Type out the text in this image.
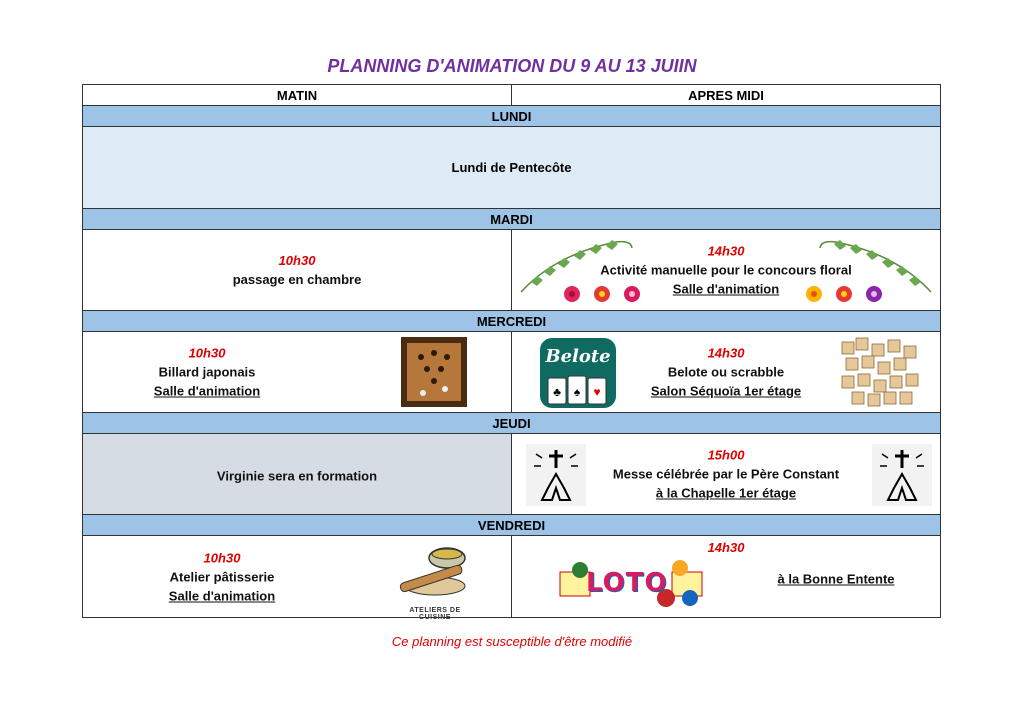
PLANNING D'ANIMATION DU 9 AU 13 JUIIN
MATIN	APRES MIDI
LUNDI
Lundi de Pentecôte
MARDI
10h30
passage en chambre
14h30
Activité manuelle pour le concours floral
Salle d'animation
MERCREDI
10h30
Billard japonais
Salle d'animation
Belote
♣ ♠ ♥
14h30
Belote ou scrabble
Salon Séquoïa 1er étage
JEUDI
Virginie sera en formation
15h00
Messe célébrée par le Père Constant
à la Chapelle 1er étage
VENDREDI
ATELIERS DE CUISINE
10h30
Atelier pâtisserie
Salle d'animation
14h30
LOTO	à la Bonne Entente
Ce planning est susceptible d'être modifié
